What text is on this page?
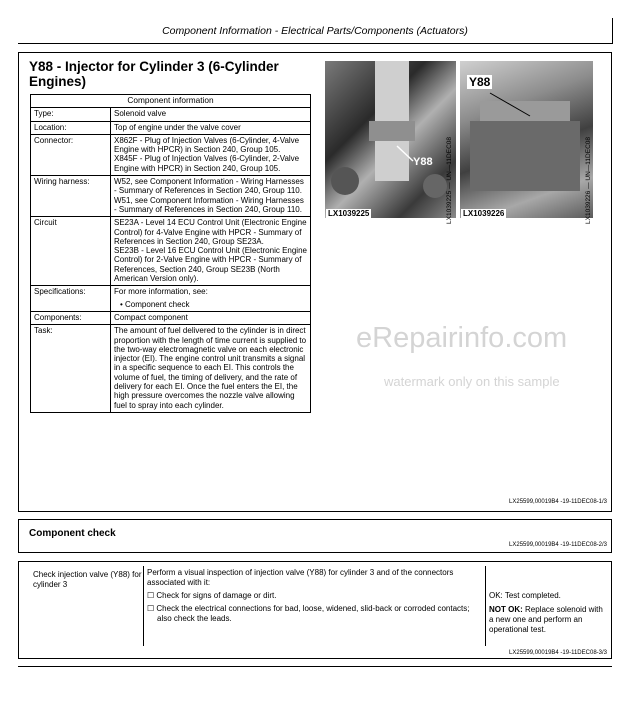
Component Information - Electrical Parts/Components (Actuators)
Y88 - Injector for Cylinder 3 (6-Cylinder Engines)
Component information	
Type:	Solenoid valve
Location:	Top of engine under the valve cover
Connector:	X862F - Plug of Injection Valves (6-Cylinder, 4-Valve Engine with HPCR) in Section 240, Group 105.
X845F - Plug of Injection Valves (6-Cylinder, 2-Valve Engine with HPCR) in Section 240, Group 105.
Wiring harness:	W52, see Component Information - Wiring Harnesses - Summary of References in Section 240, Group 110.
W51, see Component Information - Wiring Harnesses - Summary of References in Section 240, Group 110.
Circuit	SE23A - Level 14 ECU Control Unit (Electronic Engine Control) for 4-Valve Engine with HPCR - Summary of References in Section 240, Group SE23A.
SE23B - Level 16 ECU Control Unit (Electronic Engine Control) for 2-Valve Engine with HPCR - Summary of References, Section 240, Group SE23B (North American Version only).
Specifications:	For more information, see:
• Component check

Components:	Compact component
Task:	The amount of fuel delivered to the cylinder is in direct proportion with the length of time current is supplied to the two-way electromagnetic valve on each electronic injector (EI). The engine control unit transmits a signal in a specific sequence to each EI. This controls the volume of fuel, the timing of delivery, and the rate of delivery for each EI. Once the fuel enters the EI, the high pressure overcomes the nozzle valve allowing fuel to spray into each cylinder.
Y88
LX1039225	LX1039225 — UN—11DEC08
Y88
LX1039226	LX1039226 — UN—11DEC08
LX25599,00019B4 -19-11DEC08-1/3
eRepairinfo.com
watermark only on this sample
Component check
LX25599,00019B4 -19-11DEC08-2/3
Check injection valve (Y88) for cylinder 3
Perform a visual inspection of injection valve (Y88) for cylinder 3 and of the connectors associated with it:
☐ Check for signs of damage or dirt.
☐ Check the electrical connections for bad, loose, widened, slid-back or corroded contacts; also check the leads.
OK: Test completed.
NOT OK: Replace solenoid with a new one and perform an operational test.
LX25599,00019B4 -19-11DEC08-3/3
